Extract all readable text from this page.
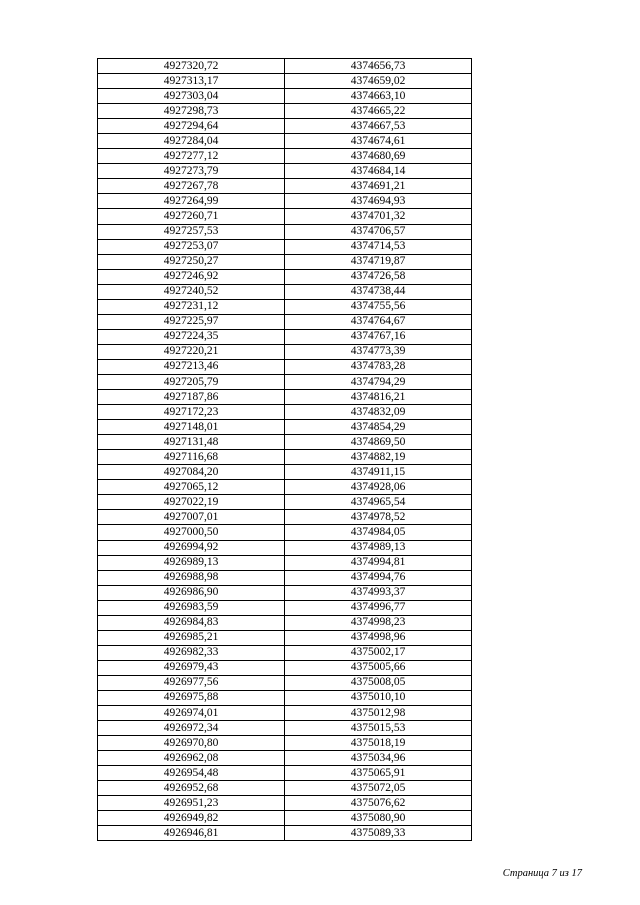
4927320,72	4374656,73
4927313,17	4374659,02
4927303,04	4374663,10
4927298,73	4374665,22
4927294,64	4374667,53
4927284,04	4374674,61
4927277,12	4374680,69
4927273,79	4374684,14
4927267,78	4374691,21
4927264,99	4374694,93
4927260,71	4374701,32
4927257,53	4374706,57
4927253,07	4374714,53
4927250,27	4374719,87
4927246,92	4374726,58
4927240,52	4374738,44
4927231,12	4374755,56
4927225,97	4374764,67
4927224,35	4374767,16
4927220,21	4374773,39
4927213,46	4374783,28
4927205,79	4374794,29
4927187,86	4374816,21
4927172,23	4374832,09
4927148,01	4374854,29
4927131,48	4374869,50
4927116,68	4374882,19
4927084,20	4374911,15
4927065,12	4374928,06
4927022,19	4374965,54
4927007,01	4374978,52
4927000,50	4374984,05
4926994,92	4374989,13
4926989,13	4374994,81
4926988,98	4374994,76
4926986,90	4374993,37
4926983,59	4374996,77
4926984,83	4374998,23
4926985,21	4374998,96
4926982,33	4375002,17
4926979,43	4375005,66
4926977,56	4375008,05
4926975,88	4375010,10
4926974,01	4375012,98
4926972,34	4375015,53
4926970,80	4375018,19
4926962,08	4375034,96
4926954,48	4375065,91
4926952,68	4375072,05
4926951,23	4375076,62
4926949,82	4375080,90
4926946,81	4375089,33
Страница 7 из 17
